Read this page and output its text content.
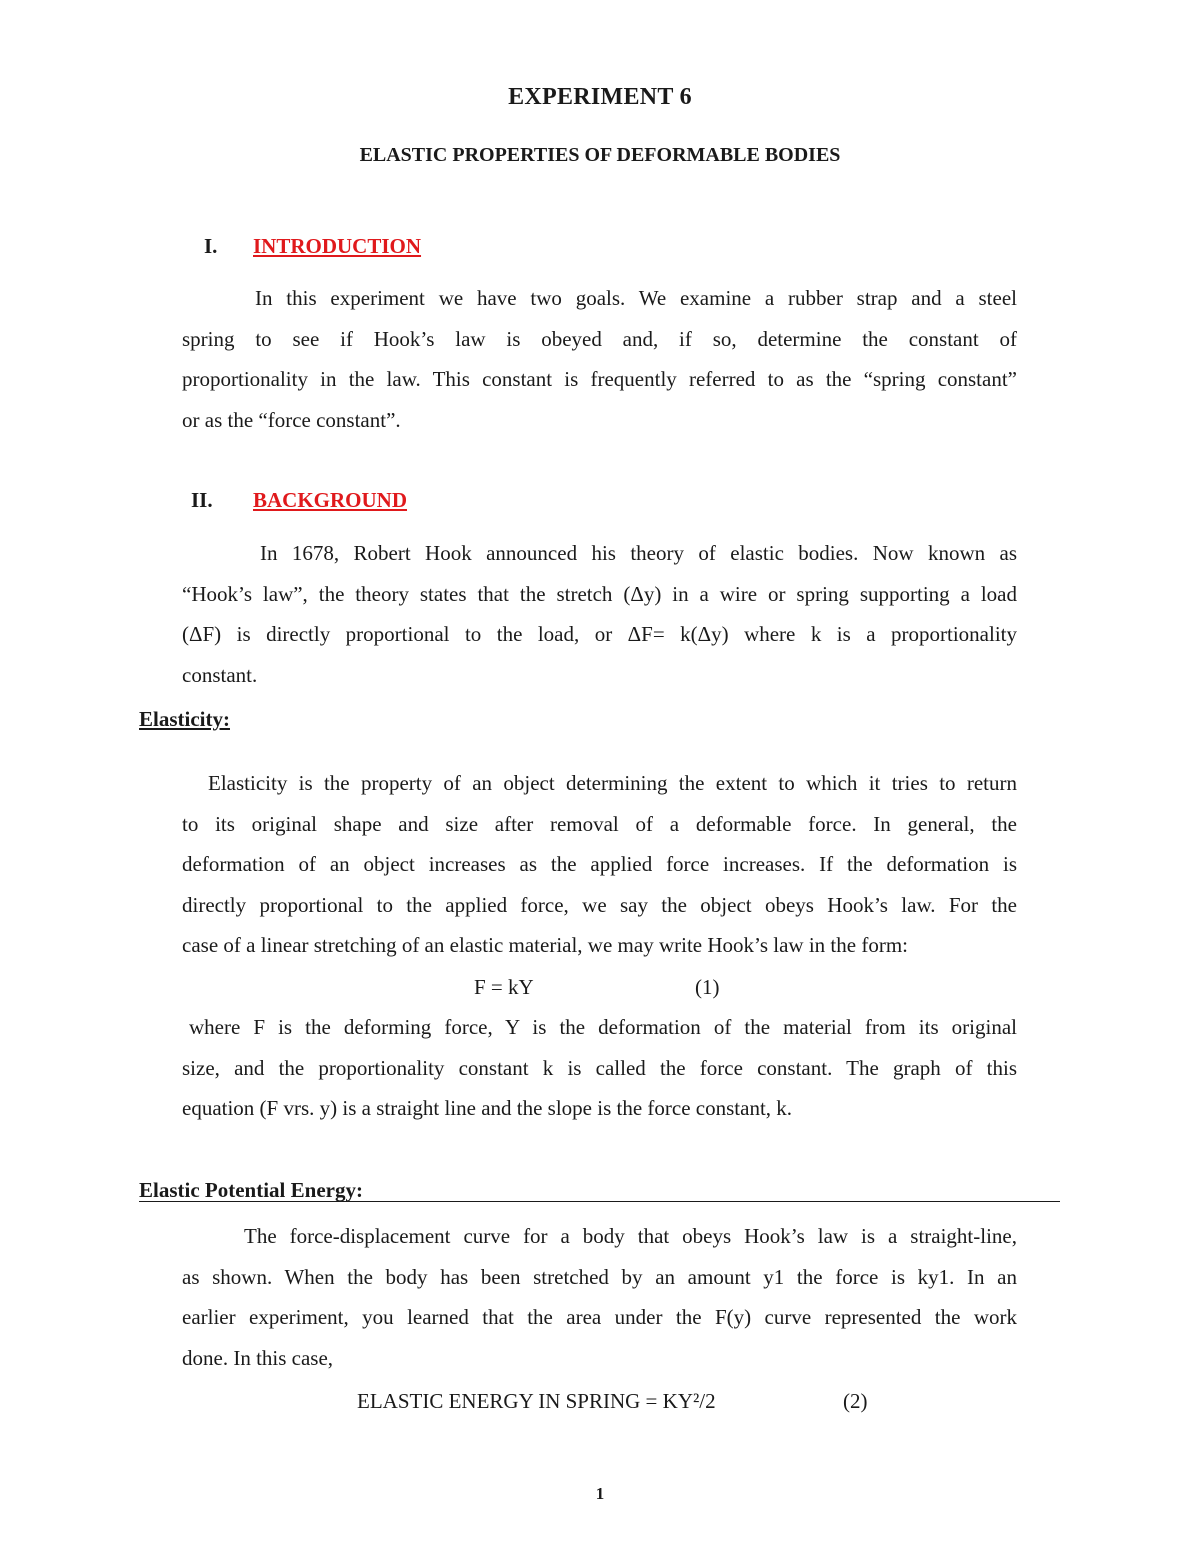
EXPERIMENT 6
ELASTIC PROPERTIES OF DEFORMABLE BODIES
I. INTRODUCTION
In this experiment we have two goals. We examine a rubber strap and a steel
spring to see if Hook’s law is obeyed and, if so, determine the constant of
proportionality in the law. This constant is frequently referred to as the “spring constant”
or as the “force constant”.
II. BACKGROUND
In 1678, Robert Hook announced his theory of elastic bodies. Now known as
“Hook’s law”, the theory states that the stretch (Δy) in a wire or spring supporting a load
(ΔF) is directly proportional to the load, or ΔF= k(Δy) where k is a proportionality
constant.
Elasticity:
Elasticity is the property of an object determining the extent to which it tries to return
to its original shape and size after removal of a deformable force. In general, the
deformation of an object increases as the applied force increases. If the deformation is
directly proportional to the applied force, we say the object obeys Hook’s law. For the
case of a linear stretching of an elastic material, we may write Hook’s law in the form:
F = kY	(1)
where F is the deforming force, Y is the deformation of the material from its original
size, and the proportionality constant k is called the force constant. The graph of this
equation (F vrs. y) is a straight line and the slope is the force constant, k.
Elastic Potential Energy:
The force-displacement curve for a body that obeys Hook’s law is a straight-line,
as shown. When the body has been stretched by an amount y1 the force is ky1. In an
earlier experiment, you learned that the area under the F(y) curve represented the work
done. In this case,
ELASTIC ENERGY IN SPRING = KY²/2	(2)
1
